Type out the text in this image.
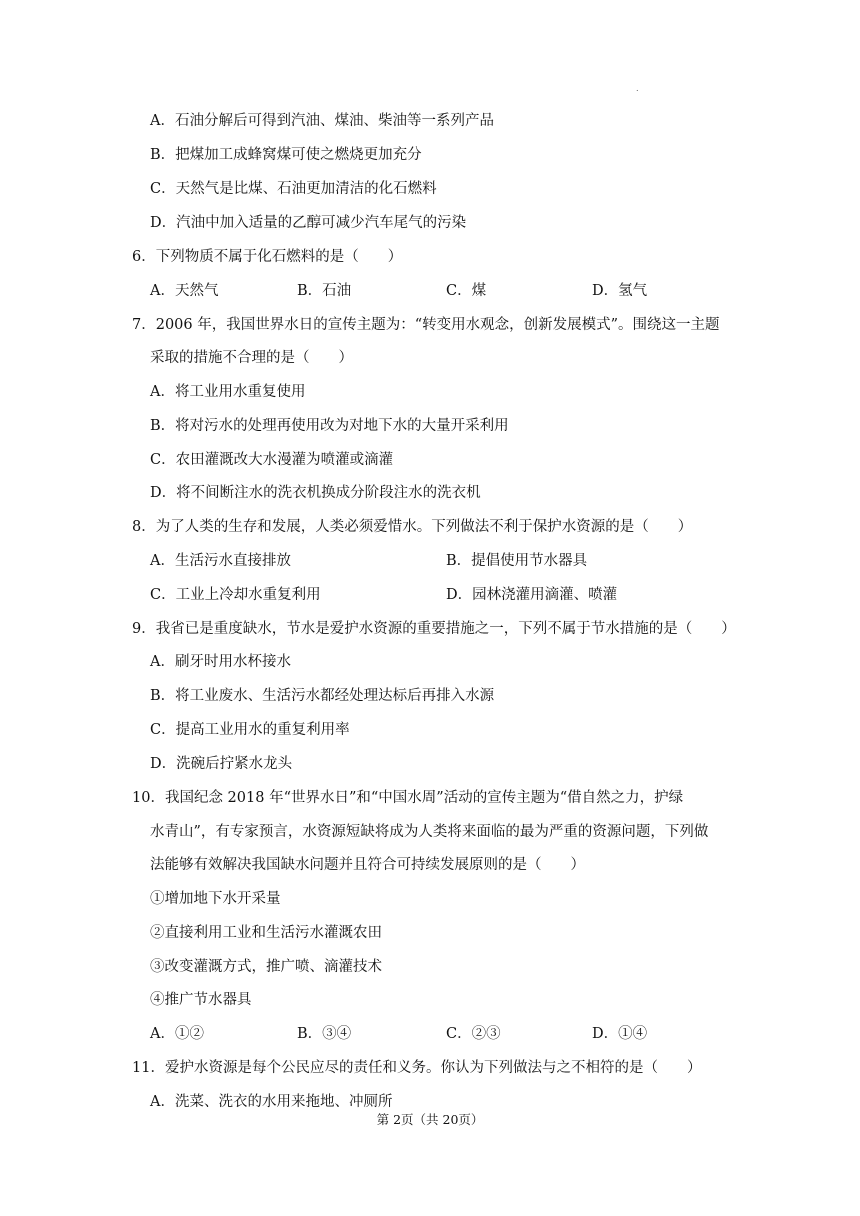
.
A．石油分解后可得到汽油、煤油、柴油等一系列产品
B．把煤加工成蜂窝煤可使之燃烧更加充分
C．天然气是比煤、石油更加清洁的化石燃料
D．汽油中加入适量的乙醇可减少汽车尾气的污染
6．下列物质不属于化石燃料的是（　　）
A．天然气	B．石油	C．煤	D．氢气
7．2006 年，我国世界水日的宣传主题为：“转变用水观念，创新发展模式”。围绕这一主题
采取的措施不合理的是（　　）
A．将工业用水重复使用
B．将对污水的处理再使用改为对地下水的大量开采利用
C．农田灌溉改大水漫灌为喷灌或滴灌
D．将不间断注水的洗衣机换成分阶段注水的洗衣机
8．为了人类的生存和发展，人类必须爱惜水。下列做法不利于保护水资源的是（　　）
A．生活污水直接排放	B．提倡使用节水器具
C．工业上冷却水重复利用	D．园林浇灌用滴灌、喷灌
9．我省已是重度缺水，节水是爱护水资源的重要措施之一，下列不属于节水措施的是（　　）
A．刷牙时用水杯接水
B．将工业废水、生活污水都经处理达标后再排入水源
C．提高工业用水的重复利用率
D．洗碗后拧紧水龙头
10．我国纪念 2018 年“世界水日”和“中国水周”活动的宣传主题为“借自然之力，护绿
水青山”，有专家预言，水资源短缺将成为人类将来面临的最为严重的资源问题，下列做
法能够有效解决我国缺水问题并且符合可持续发展原则的是（　　）
①增加地下水开采量
②直接利用工业和生活污水灌溉农田
③改变灌溉方式，推广喷、滴灌技术
④推广节水器具
A．①②	B．③④	C．②③	D．①④
11．爱护水资源是每个公民应尽的责任和义务。你认为下列做法与之不相符的是（　　）
A．洗菜、洗衣的水用来拖地、冲厕所
第 2页（共 20页）
